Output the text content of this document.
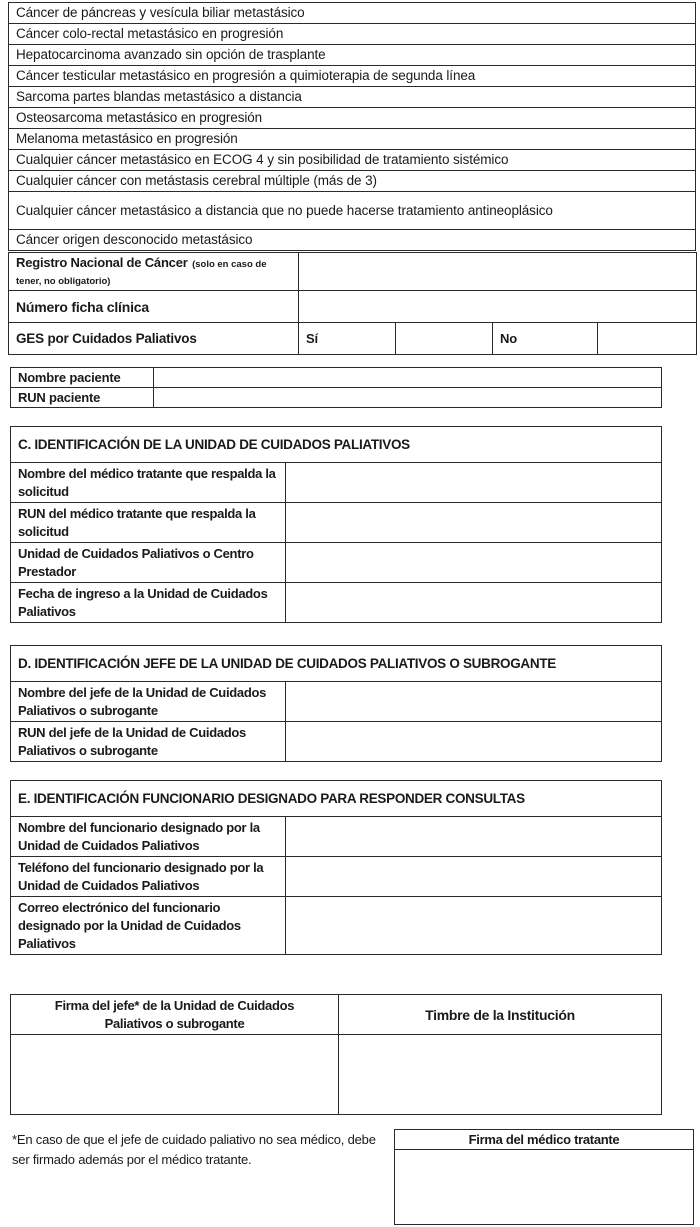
Cáncer de páncreas y vesícula biliar metastásico
Cáncer colo-rectal metastásico en progresión
Hepatocarcinoma avanzado sin opción de trasplante
Cáncer testicular metastásico en progresión a quimioterapia de segunda línea
Sarcoma partes blandas metastásico a distancia
Osteosarcoma metastásico en progresión
Melanoma metastásico en progresión
Cualquier cáncer metastásico en ECOG 4 y sin posibilidad de tratamiento sistémico
Cualquier cáncer con metástasis cerebral múltiple (más de 3)
Cualquier cáncer metastásico a distancia que no puede hacerse tratamiento antineoplásico
Cáncer origen desconocido metastásico
Registro Nacional de Cáncer (solo en caso de tener, no obligatorio)				
Número ficha clínica				
GES por Cuidados Paliativos	Sí		No	
Nombre paciente	
RUN paciente	
C. IDENTIFICACIÓN DE LA UNIDAD DE CUIDADOS PALIATIVOS	
Nombre del médico tratante que respalda la solicitud	
RUN del médico tratante que respalda la solicitud	
Unidad de Cuidados Paliativos o Centro Prestador	
Fecha de ingreso a la Unidad de Cuidados Paliativos	
D. IDENTIFICACIÓN JEFE DE LA UNIDAD DE CUIDADOS PALIATIVOS O SUBROGANTE	
Nombre del jefe de la Unidad de Cuidados Paliativos o subrogante	
RUN del jefe de la Unidad de Cuidados Paliativos o subrogante	
E. IDENTIFICACIÓN FUNCIONARIO DESIGNADO PARA RESPONDER CONSULTAS	
Nombre del funcionario designado por la Unidad de Cuidados Paliativos	
Teléfono del funcionario designado por la Unidad de Cuidados Paliativos	
Correo electrónico del funcionario designado por la Unidad de Cuidados Paliativos	
Firma del jefe* de la Unidad de Cuidados Paliativos o subrogante	Timbre de la Institución

*En caso de que el jefe de cuidado paliativo no sea médico, debe ser firmado además por el médico tratante.
Firma del médico tratante
